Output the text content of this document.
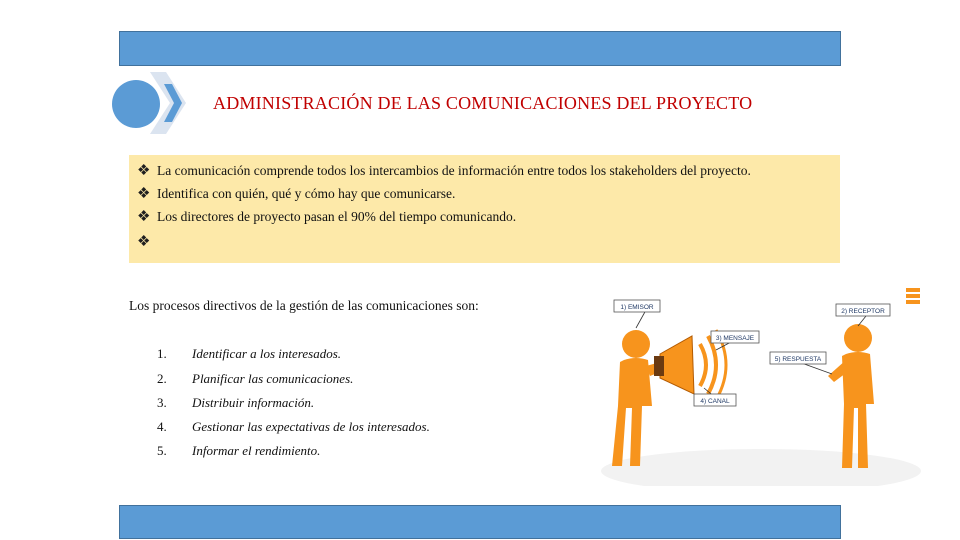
ADMINISTRACIÓN DE LAS COMUNICACIONES DEL PROYECTO
❖ La comunicación comprende todos los intercambios de información entre todos los stakeholders del proyecto.
❖ Identifica con quién, qué y cómo hay que comunicarse.
❖ Los directores de proyecto pasan el 90% del tiempo comunicando.
❖
Los procesos directivos de la gestión de las comunicaciones son:
1. Identificar a los interesados.
2. Planificar las comunicaciones.
3. Distribuir información.
4. Gestionar las expectativas de los interesados.
5. Informar el rendimiento.
1) EMISOR
2) RECEPTOR
3) MENSAJE
4) CANAL
5) RESPUESTA
